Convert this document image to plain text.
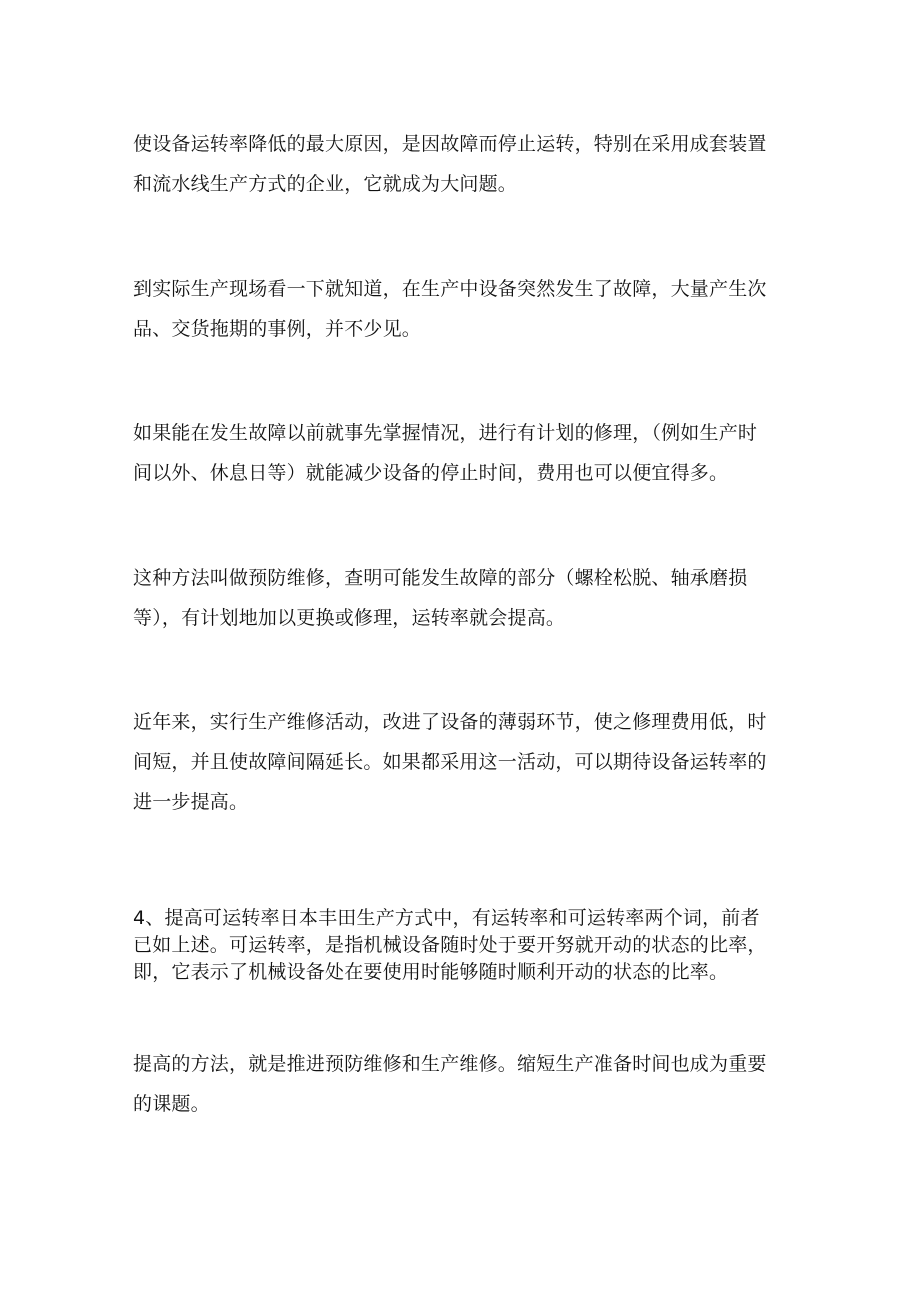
使设备运转率降低的最大原因，是因故障而停止运转，特别在采用成套装置
和流水线生产方式的企业，它就成为大问题。
到实际生产现场看一下就知道，在生产中设备突然发生了故障，大量产生次
品、交货拖期的事例，并不少见。
如果能在发生故障以前就事先掌握情况，进行有计划的修理，（例如生产时
间以外、休息日等）就能减少设备的停止时间，费用也可以便宜得多。
这种方法叫做预防维修，查明可能发生故障的部分（螺栓松脱、轴承磨损
等），有计划地加以更换或修理，运转率就会提高。
近年来，实行生产维修活动，改进了设备的薄弱环节，使之修理费用低，时
间短，并且使故障间隔延长。如果都采用这一活动，可以期待设备运转率的
进一步提高。
4、提高可运转率日本丰田生产方式中，有运转率和可运转率两个词，前者
已如上述。可运转率，是指机械设备随时处于要开努就开动的状态的比率，
即，它表示了机械设备处在要使用时能够随时顺利开动的状态的比率。
提高的方法，就是推进预防维修和生产维修。缩短生产准备时间也成为重要
的课题。
